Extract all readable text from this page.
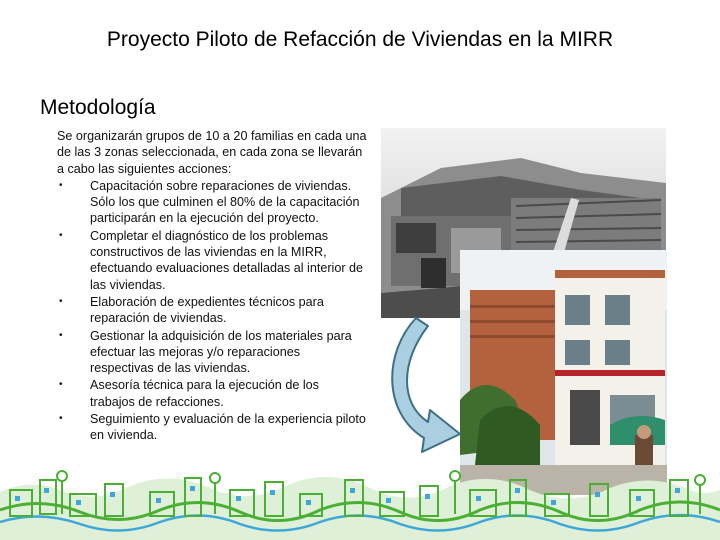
Proyecto Piloto de Refacción de Viviendas en la MIRR
Metodología

Se organizarán grupos de 10 a 20 familias en cada una de las 3 zonas seleccionada, en cada zona se llevarán a cabo las siguientes acciones:

• Capacitación sobre reparaciones de viviendas. Sólo los que culminen el 80% de la capacitación participarán en la ejecución del proyecto.
• Completar el diagnóstico de los problemas constructivos de las viviendas en la MIRR, efectuando evaluaciones detalladas al interior de las viviendas.
• Elaboración de expedientes técnicos para reparación de viviendas.
• Gestionar la adquisición de los materiales para efectuar las mejoras y/o reparaciones respectivas de las viviendas.
• Asesoría técnica para la ejecución de los trabajos de refacciones.
• Seguimiento y evaluación de la experiencia piloto en vivienda.
